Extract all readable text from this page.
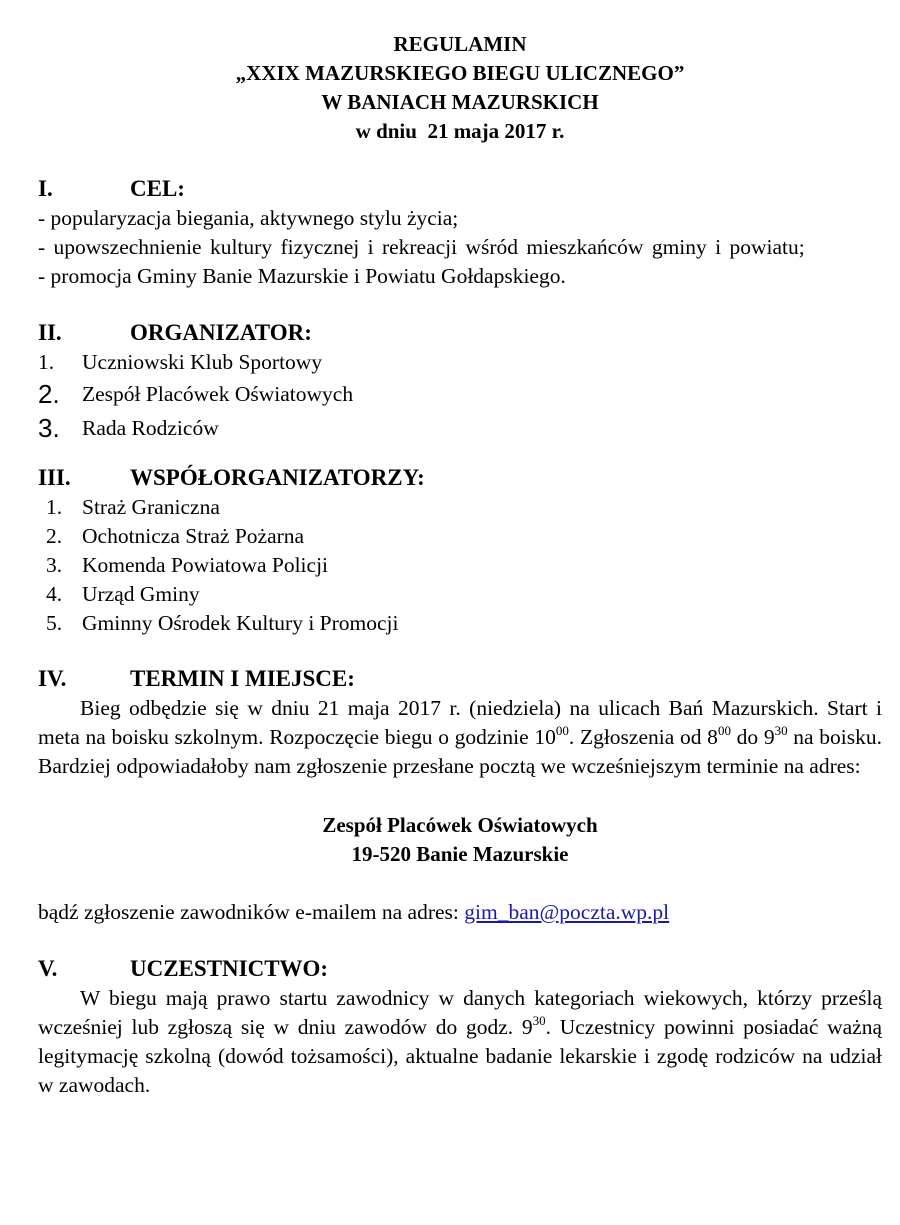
REGULAMIN
„XXIX MAZURSKIEGO BIEGU ULICZNEGO”
W BANIACH MAZURSKICH
w dniu  21 maja 2017 r.
I.	CEL:
- popularyzacja biegania, aktywnego stylu życia;
- upowszechnienie kultury fizycznej i rekreacji wśród mieszkańców gminy i powiatu;
- promocja Gminy Banie Mazurskie i Powiatu Gołdapskiego.
II.	ORGANIZATOR:
1.	Uczniowski Klub Sportowy
2.	Zespół Placówek Oświatowych
3.	Rada Rodziców
III.	WSPÓŁORGANIZATORZY:
1. Straż Graniczna
2. Ochotnicza Straż Pożarna
3. Komenda Powiatowa Policji
4. Urząd Gminy
5. Gminny Ośrodek Kultury i Promocji
IV.	TERMIN I MIEJSCE:
Bieg odbędzie się w dniu 21 maja 2017 r. (niedziela) na ulicach Bań Mazurskich. Start i meta na boisku szkolnym. Rozpoczęcie biegu o godzinie $10^{00}$. Zgłoszenia od $8^{00}$ do $9^{30}$ na boisku. Bardziej odpowiadałoby nam zgłoszenie przesłane pocztą we wcześniejszym terminie na adres:
Zespół Placówek Oświatowych
19-520 Banie Mazurskie
bądź zgłoszenie zawodników e-mailem na adres: gim_ban@poczta.wp.pl
V.	UCZESTNICTWO:
W biegu mają prawo startu zawodnicy w danych kategoriach wiekowych, którzy prześlą wcześniej lub zgłoszą się w dniu zawodów do godz. $9^{30}$. Uczestnicy powinni posiadać ważną legitymację szkolną (dowód tożsamości), aktualne badanie lekarskie i zgodę rodziców na udział w zawodach.
